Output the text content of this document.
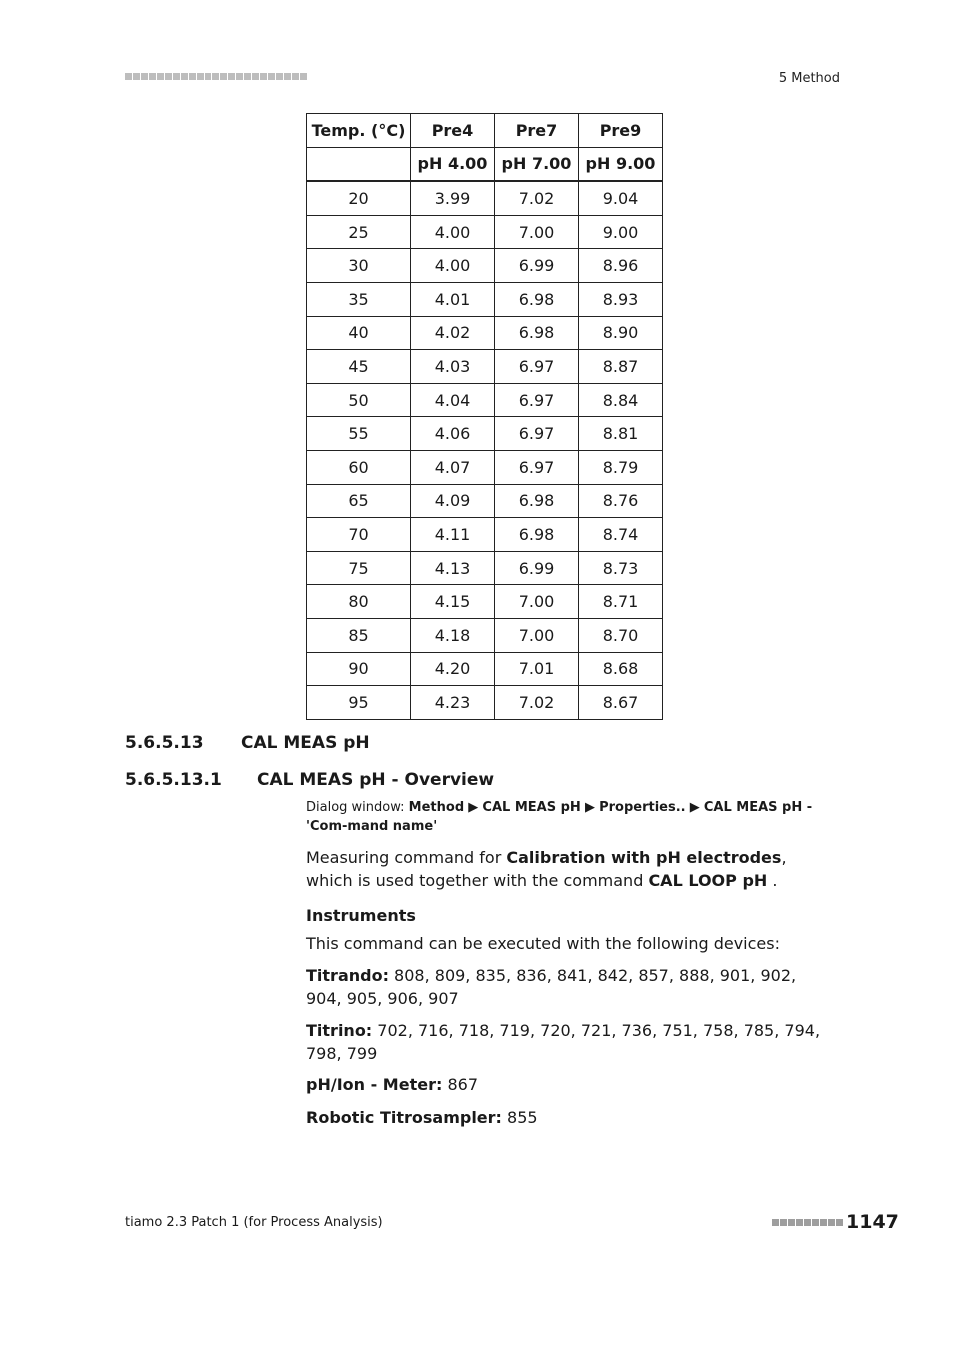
5 Method
Temp. (°C)	Pre4	Pre7	Pre9
	pH 4.00	pH 7.00	pH 9.00
20	3.99	7.02	9.04
25	4.00	7.00	9.00
30	4.00	6.99	8.96
35	4.01	6.98	8.93
40	4.02	6.98	8.90
45	4.03	6.97	8.87
50	4.04	6.97	8.84
55	4.06	6.97	8.81
60	4.07	6.97	8.79
65	4.09	6.98	8.76
70	4.11	6.98	8.74
75	4.13	6.99	8.73
80	4.15	7.00	8.71
85	4.18	7.00	8.70
90	4.20	7.01	8.68
95	4.23	7.02	8.67
5.6.5.13 CAL MEAS pH
5.6.5.13.1 CAL MEAS pH - Overview
Dialog window: Method ▶ CAL MEAS pH ▶ Properties.. ▶ CAL MEAS pH - 'Com-mand name'
Measuring command for Calibration with pH electrodes, which is used together with the command CAL LOOP pH .
Instruments
This command can be executed with the following devices:
Titrando: 808, 809, 835, 836, 841, 842, 857, 888, 901, 902, 904, 905, 906, 907
Titrino: 702, 716, 718, 719, 720, 721, 736, 751, 758, 785, 794, 798, 799
pH/Ion - Meter: 867
Robotic Titrosampler: 855
tiamo 2.3 Patch 1 (for Process Analysis)	1147
